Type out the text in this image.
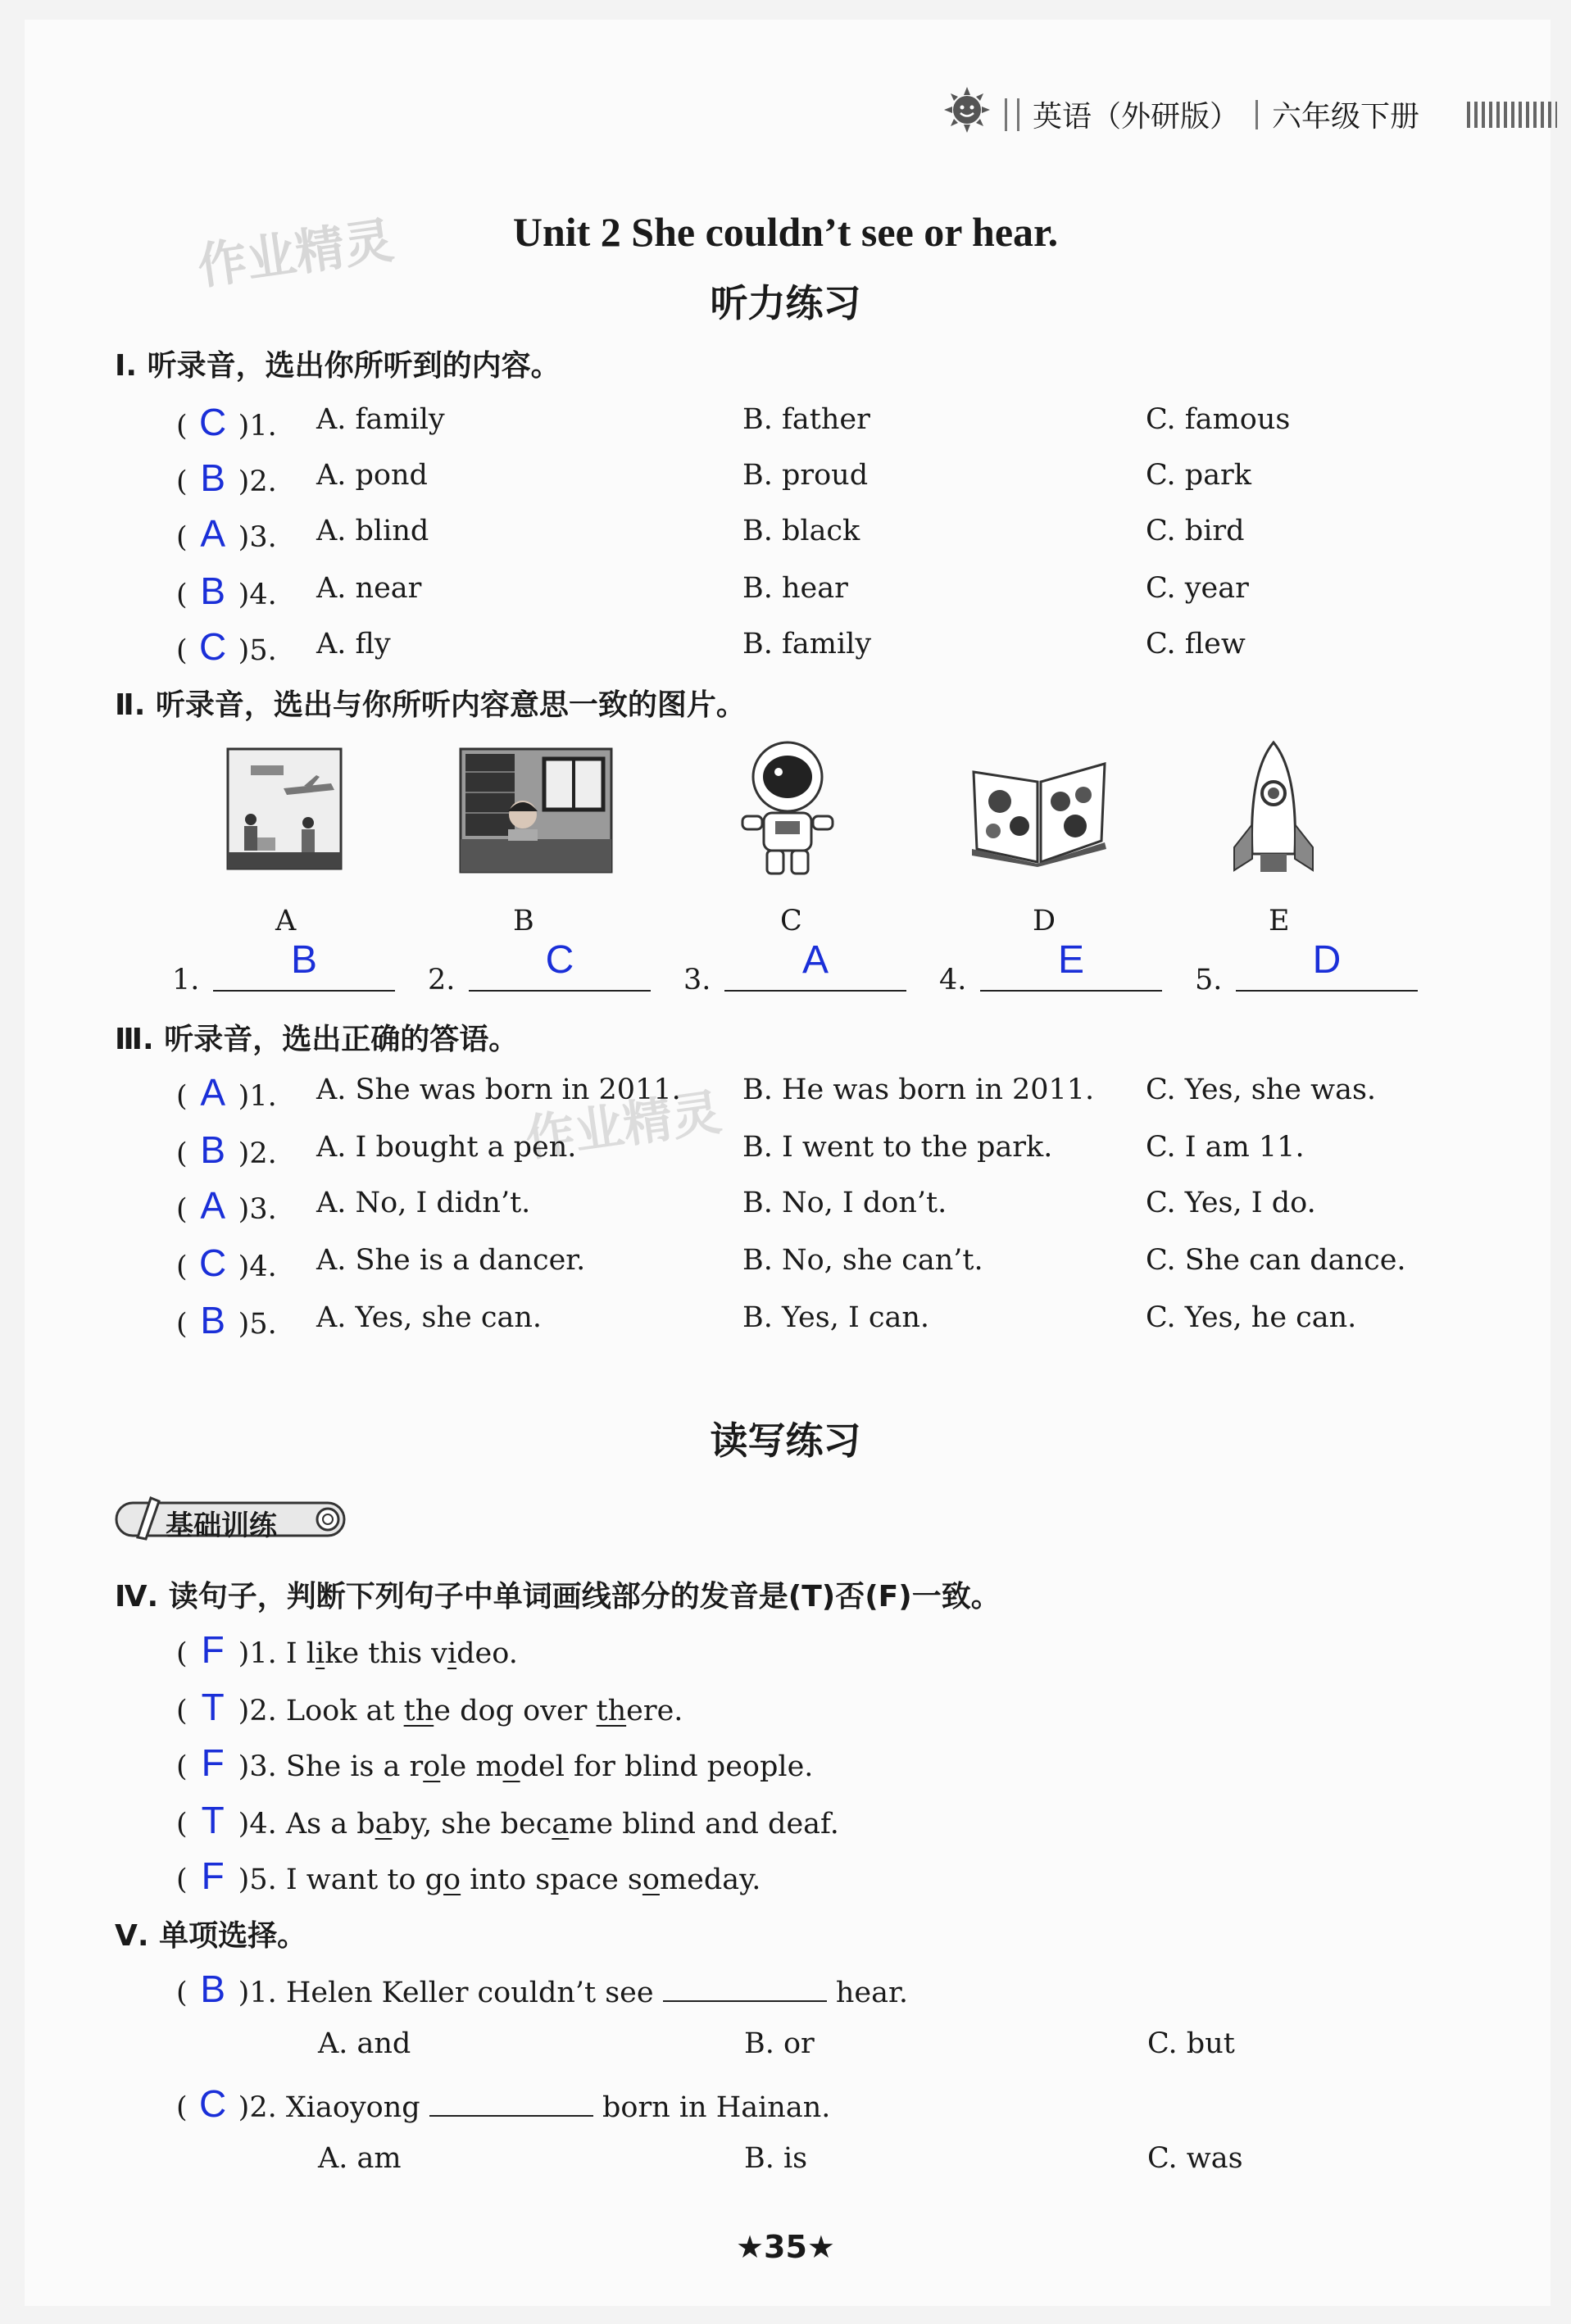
英语（外研版） 六年级下册
作业精灵
作业精灵
Unit 2 She couldn’t see or hear.
听力练习
Ⅰ. 听录音，选出你所听到的内容。
( C )1. A. family	B. father	C. famous
( B )2. A. pond	B. proud	C. park
( A )3. A. blind	B. black	C. bird
( B )4. A. near	B. hear	C. year
( C )5. A. fly	B. family	C. flew
Ⅱ. 听录音，选出与你所听内容意思一致的图片。
A	B	C	D	E
1.	B	2.	C	3.	A	4.	E	5.	D
Ⅲ. 听录音，选出正确的答语。
( A )1. A. She was born in 2011. B. He was born in 2011. C. Yes, she was.
( B )2. A. I bought a pen.	B. I went to the park.	C. I am 11.
( A )3. A. No, I didn’t.	B. No, I don’t.	C. Yes, I do.
( C )4. A. She is a dancer.	B. No, she can’t.	C. She can dance.
( B )5. A. Yes, she can.	B. Yes, I can.	C. Yes, he can.
读写练习
基础训练
Ⅳ. 读句子，判断下列句子中单词画线部分的发音是(T)否(F)一致。
( F )1. I like this video.
( T )2. Look at the dog over there.
( F )3. She is a role model for blind people.
( T )4. As a baby, she became blind and deaf.
( F )5. I want to go into space someday.
Ⅴ. 单项选择。
( B )1. Helen Keller couldn’t see	hear.
A. and	B. or	C. but
( C )2. Xiaoyong	born in Hainan.
A. am	B. is	C. was
★35★
